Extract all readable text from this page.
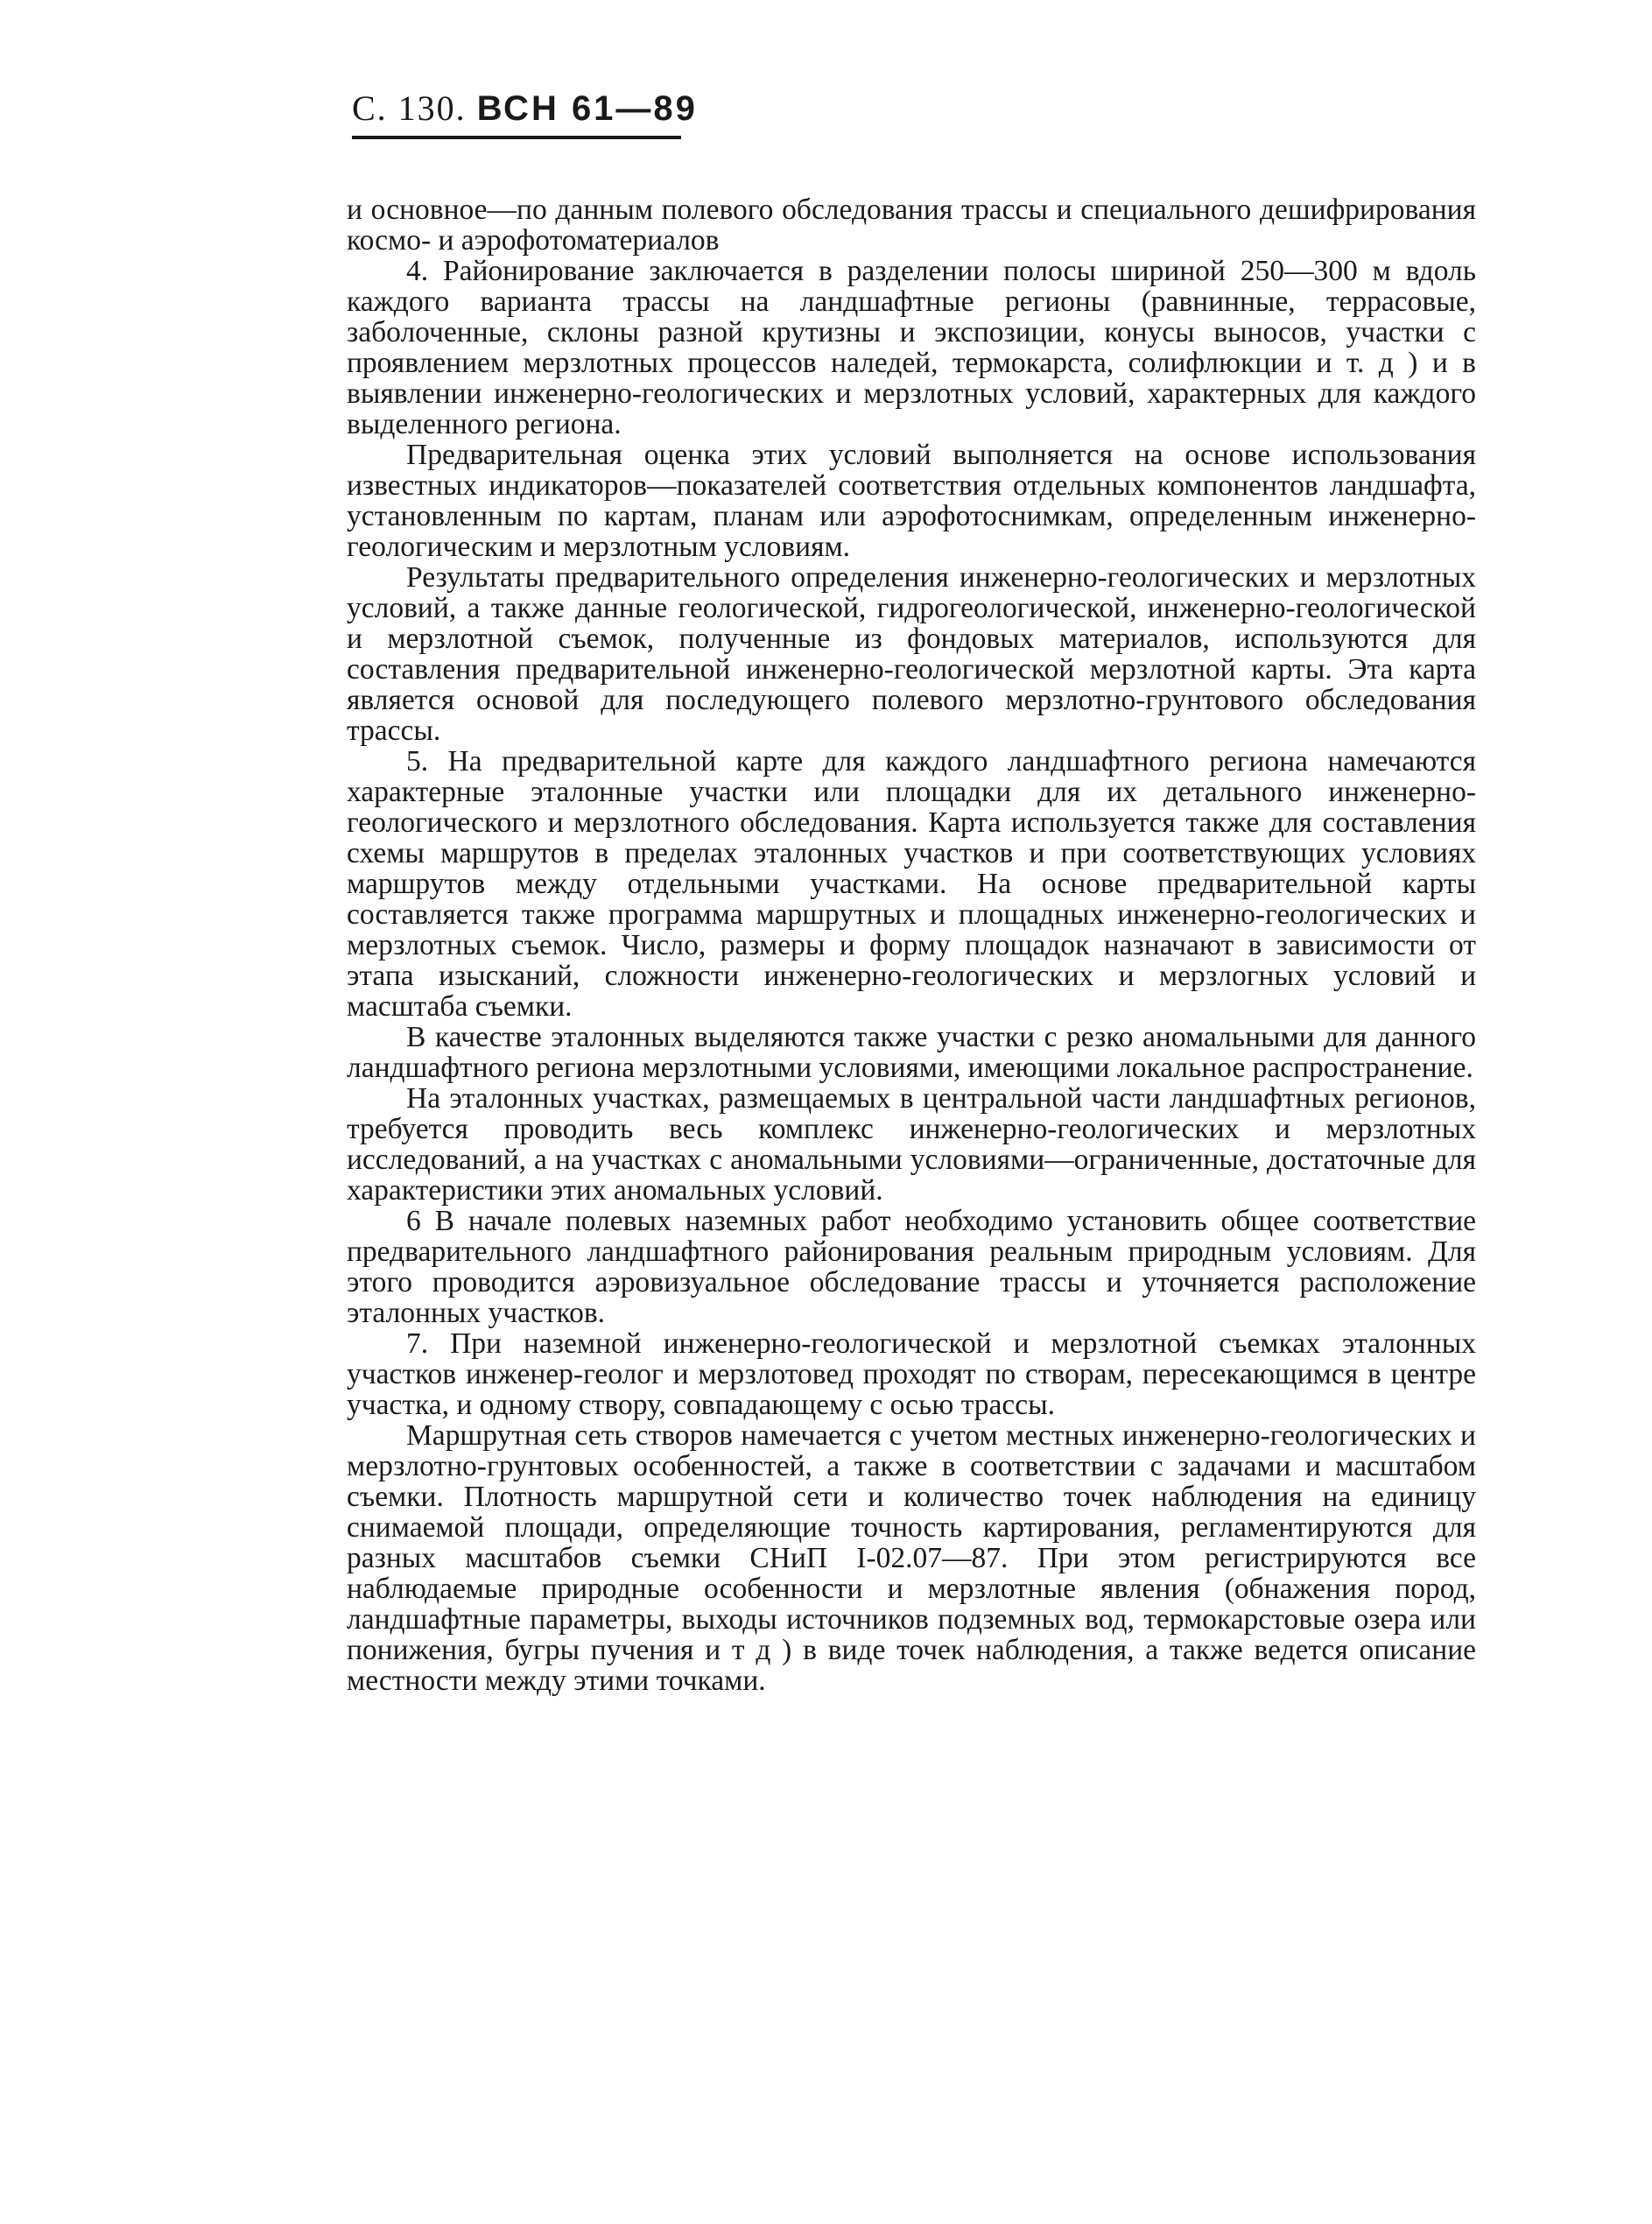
С. 130. ВСН 61—89

и основное—по данным полевого обследования трассы и специального дешифрирования космо- и аэрофотоматериалов

4. Районирование заключается в разделении полосы шириной 250—300 м вдоль каждого варианта трассы на ландшафтные регионы (равнинные, террасовые, заболоченные, склоны разной крутизны и экспозиции, конусы выносов, участки с проявлением мерзлотных процессов наледей, термокарста, солифлюкции и т. д ) и в выявлении инженерно-геологических и мерзлотных условий, характерных для каждого выделенного региона.

Предварительная оценка этих условий выполняется на основе использования известных индикаторов—показателей соответствия отдельных компонентов ландшафта, установленным по картам, планам или аэрофотоснимкам, определенным инженерно-геологическим и мерзлотным условиям.

Результаты предварительного определения инженерно-геологических и мерзлотных условий, а также данные геологической, гидрогеологической, инженерно-геологической и мерзлотной съемок, полученные из фондовых материалов, используются для составления предварительной инженерно-геологической мерзлотной карты. Эта карта является основой для последующего полевого мерзлотно-грунтового обследования трассы.

5. На предварительной карте для каждого ландшафтного региона намечаются характерные эталонные участки или площадки для их детального инженерно-геологического и мерзлотного обследования. Карта используется также для составления схемы маршрутов в пределах эталонных участков и при соответствующих условиях маршрутов между отдельными участками. На основе предварительной карты составляется также программа маршрутных и площадных инженерно-геологических и мерзлотных съемок. Число, размеры и форму площадок назначают в зависимости от этапа изысканий, сложности инженерно-геологических и мерзлогных условий и масштаба съемки.

В качестве эталонных выделяются также участки с резко аномальными для данного ландшафтного региона мерзлотными условиями, имеющими локальное распространение.

На эталонных участках, размещаемых в центральной части ландшафтных регионов, требуется проводить весь комплекс инженерно-геологических и мерзлотных исследований, а на участках с аномальными условиями—ограниченные, достаточные для характеристики этих аномальных условий.

6 В начале полевых наземных работ необходимо установить общее соответствие предварительного ландшафтного районирования реальным природным условиям. Для этого проводится аэровизуальное обследование трассы и уточняется расположение эталонных участков.

7. При наземной инженерно-геологической и мерзлотной съемках эталонных участков инженер-геолог и мерзлотовед проходят по створам, пересекающимся в центре участка, и одному створу, совпадающему с осью трассы.

Маршрутная сеть створов намечается с учетом местных инженерно-геологических и мерзлотно-грунтовых особенностей, а также в соответствии с задачами и масштабом съемки. Плотность маршрутной сети и количество точек наблюдения на единицу снимаемой площади, определяющие точность картирования, регламентируются для разных масштабов съемки СНиП I-02.07—87. При этом регистрируются все наблюдаемые природные особенности и мерзлотные явления (обнажения пород, ландшафтные параметры, выходы источников подземных вод, термокарстовые озера или понижения, бугры пучения и т д ) в виде точек наблюдения, а также ведется описание местности между этими точками.
